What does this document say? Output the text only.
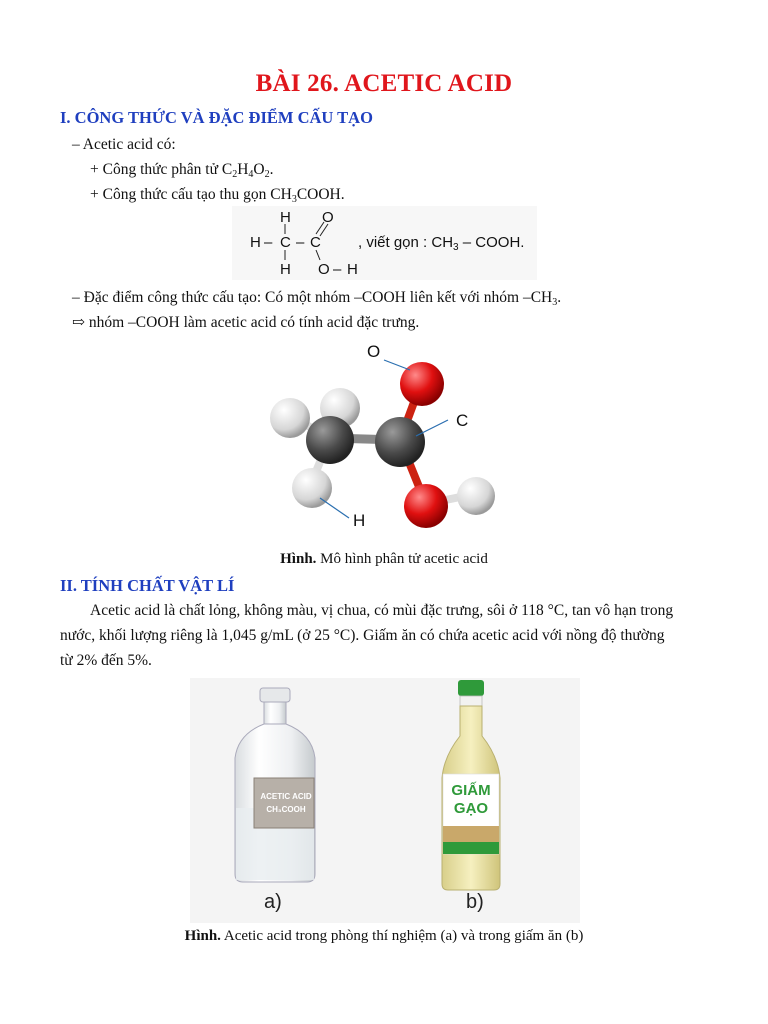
BÀI 26. ACETIC ACID
I. CÔNG THỨC VÀ ĐẶC ĐIỂM CẤU TẠO
– Acetic acid có:
+ Công thức phân tử $C_2H_4O_2$.
+ Công thức cấu tạo thu gọn $CH_3COOH$.
H O
H – C – C
H O – H
, viết gọn : $CH_3$ – COOH.
– Đặc điểm công thức cấu tạo: Có một nhóm –COOH liên kết với nhóm $-CH_3$.
⇨ nhóm –COOH làm acetic acid có tính acid đặc trưng.
O
C
H
Hình. Mô hình phân tử acetic acid
II. TÍNH CHẤT VẬT LÍ
Acetic acid là chất lỏng, không màu, vị chua, có mùi đặc trưng, sôi ở 118 °C, tan vô hạn trong
nước, khối lượng riêng là 1,045 g/mL (ở 25 °C). Giấm ăn có chứa acetic acid với nồng độ thường
từ 2% đến 5%.
ACETIC ACID
CH₃COOH
GIẤM
GẠO
a)	b)
Hình. Acetic acid trong phòng thí nghiệm (a) và trong giấm ăn (b)
